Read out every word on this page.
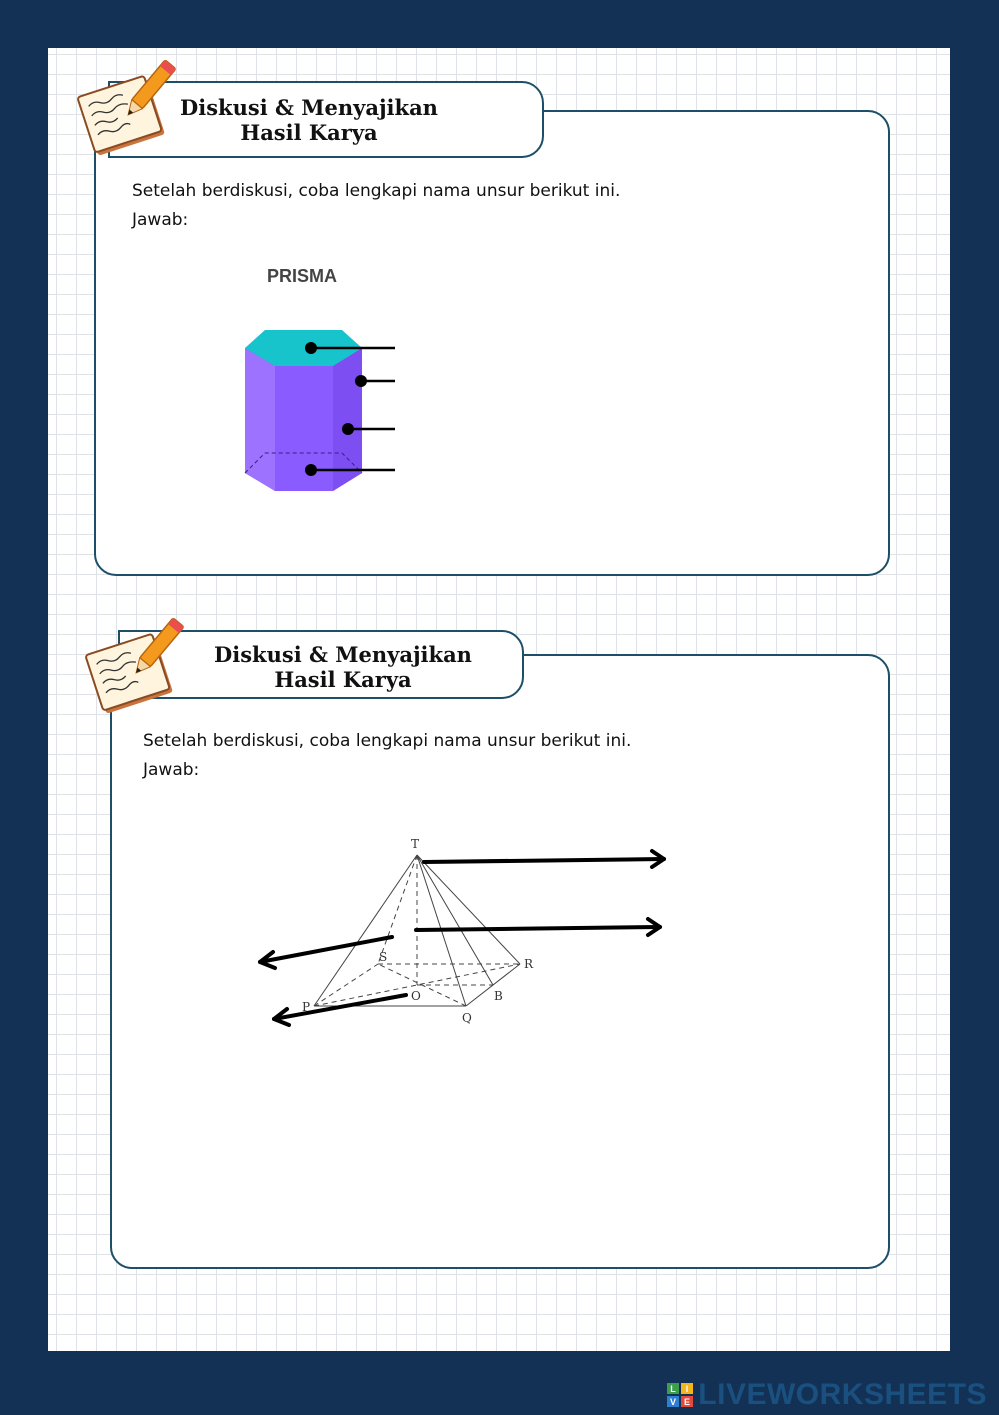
Diskusi & Menyajikan Hasil Karya
Setelah berdiskusi, coba lengkapi nama unsur berikut ini.
Jawab:
PRISMA
Diskusi & Menyajikan Hasil Karya
Setelah berdiskusi, coba lengkapi nama unsur berikut ini.
Jawab:
T
S	R
P
Q
O	B
L I
V E LIVEWORKSHEETS
